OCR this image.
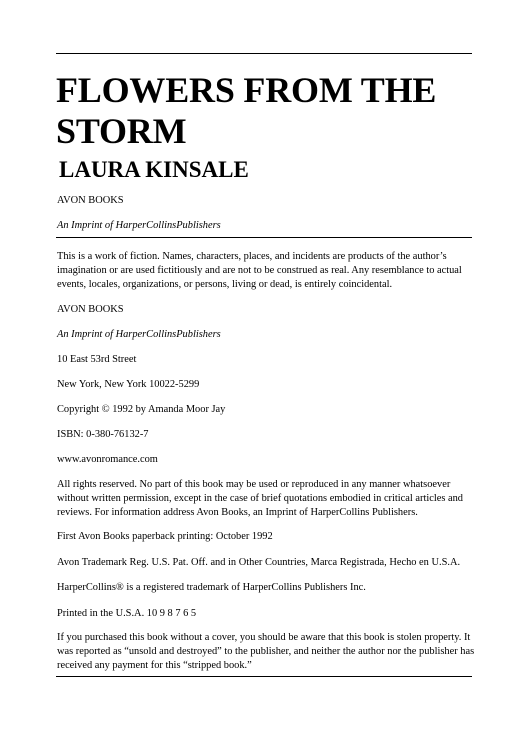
FLOWERS FROM THE STORM
LAURA KINSALE

AVON BOOKS

An Imprint of HarperCollinsPublishers

This is a work of fiction. Names, characters, places, and incidents are products of the author’s imagination or are used fictitiously and are not to be construed as real. Any resemblance to actual events, locales, organizations, or persons, living or dead, is entirely coincidental.

AVON BOOKS

An Imprint of HarperCollinsPublishers

10 East 53rd Street

New York, New York 10022-5299

Copyright © 1992 by Amanda Moor Jay

ISBN: 0-380-76132-7

www.avonromance.com

All rights reserved. No part of this book may be used or reproduced in any manner whatsoever without written permission, except in the case of brief quotations embodied in critical articles and reviews. For information address Avon Books, an Imprint of HarperCollins Publishers.

First Avon Books paperback printing: October 1992

Avon Trademark Reg. U.S. Pat. Off. and in Other Countries, Marca Registrada, Hecho en U.S.A.

HarperCollins® is a registered trademark of HarperCollins Publishers Inc.

Printed in the U.S.A. 10 9 8 7 6 5

If you purchased this book without a cover, you should be aware that this book is stolen property. It was reported as “unsold and destroyed” to the publisher, and neither the author nor the publisher has received any payment for this “stripped book.”
